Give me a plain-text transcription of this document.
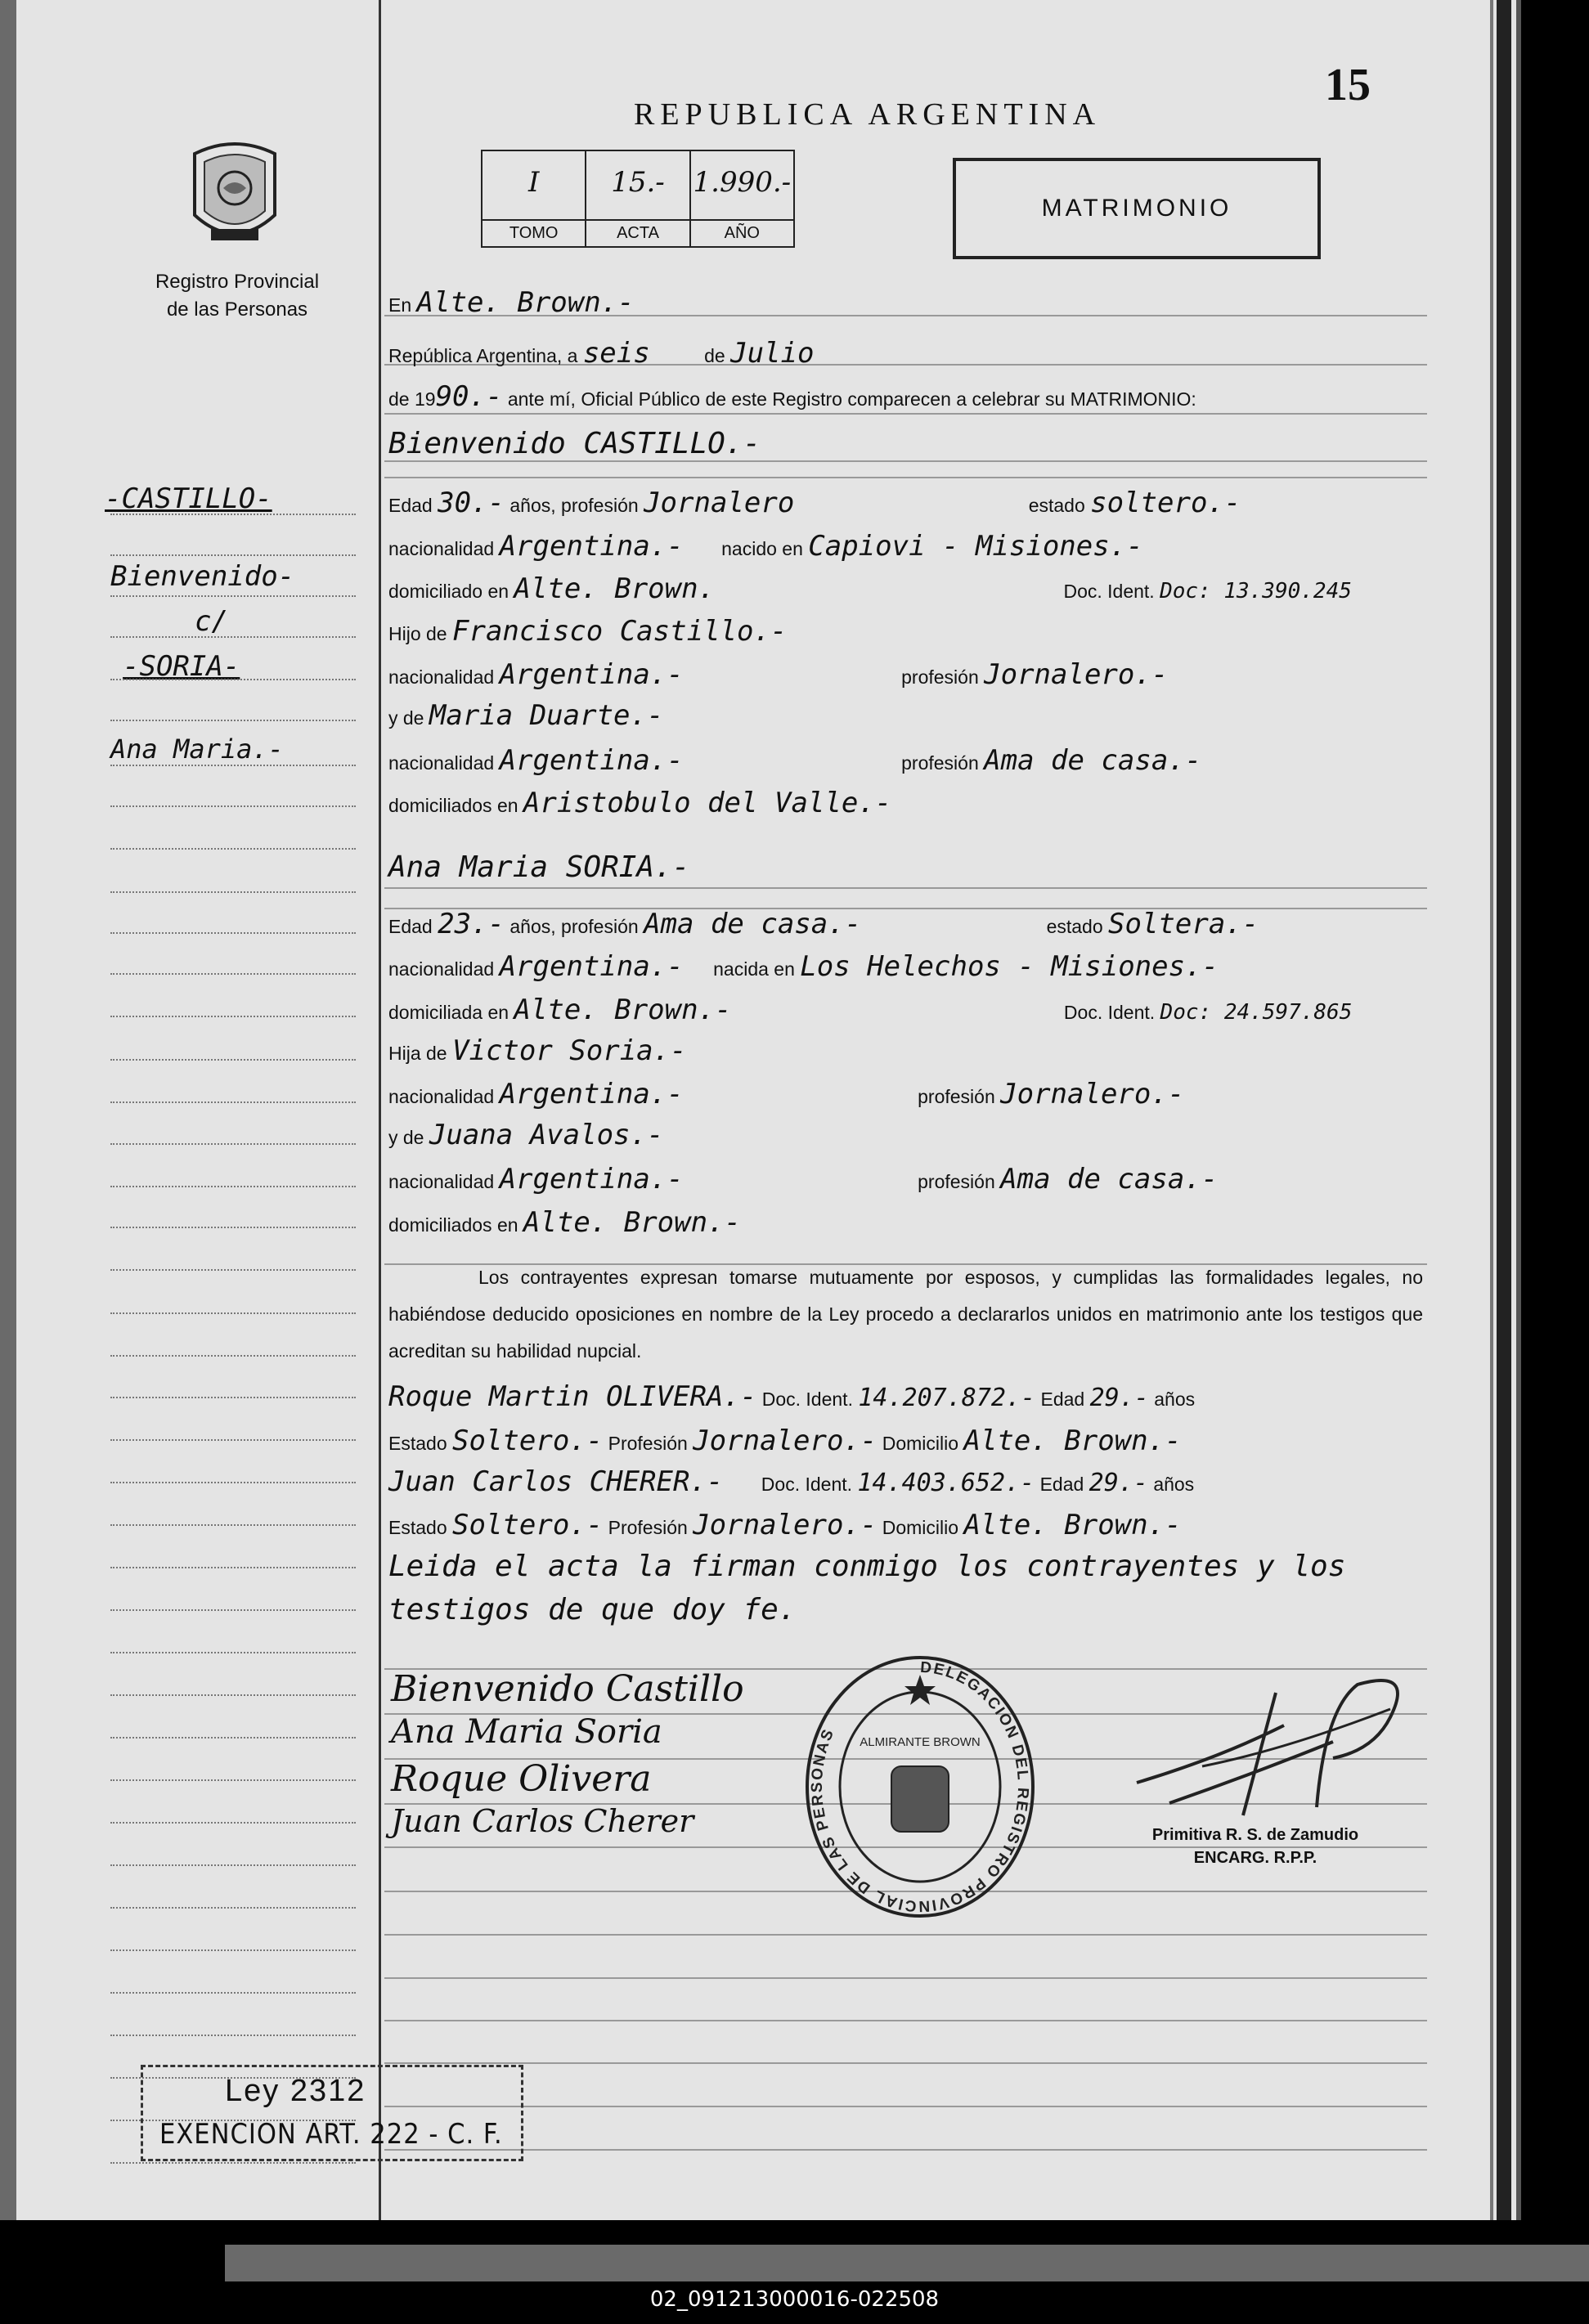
15
REPUBLICA ARGENTINA
I
TOMO
15.-
ACTA
1.990.-
AÑO
MATRIMONIO
Registro Provincial
de las Personas
-CASTILLO-
Bienvenido-
c/
-SORIA-
Ana Maria.-
En Alte. Brown.-
República Argentina, a seis	de Julio
de 1990.- ante mí, Oficial Público de este Registro comparecen a celebrar su MATRIMONIO:
Bienvenido CASTILLO.-
Edad 30.- años, profesión Jornalero	estado soltero.-
nacionalidad Argentina.- nacido en Capiovi - Misiones.-
domiciliado en Alte. Brown.	Doc. Ident. Doc: 13.390.245
Hijo de Francisco Castillo.-
nacionalidad Argentina.-	profesión Jornalero.-
y de Maria Duarte.-
nacionalidad Argentina.-	profesión Ama de casa.-
domiciliados en Aristobulo del Valle.-
Ana Maria SORIA.-
Edad 23.- años, profesión Ama de casa.-	estado Soltera.-
nacionalidad Argentina.- nacida en Los Helechos - Misiones.-
domiciliada en Alte. Brown.-	Doc. Ident. Doc: 24.597.865
Hija de Victor Soria.-
nacionalidad Argentina.-	profesión Jornalero.-
y de Juana Avalos.-
nacionalidad Argentina.-	profesión Ama de casa.-
domiciliados en Alte. Brown.-
Los contrayentes expresan tomarse mutuamente por esposos, y cumplidas las formalidades legales, no habiéndose deducido oposiciones en nombre de la Ley procedo a declararlos unidos en matrimonio ante los testigos que acreditan su habilidad nupcial.
Roque Martin OLIVERA.- Doc. Ident. 14.207.872.- Edad 29.- años
Estado Soltero.- Profesión Jornalero.- Domicilio Alte. Brown.-
Juan Carlos CHERER.- Doc. Ident. 14.403.652.- Edad 29.- años
Estado Soltero.- Profesión Jornalero.- Domicilio Alte. Brown.-
Leida el acta la firman conmigo los contrayentes y los
testigos de que doy fe.
Bienvenido Castillo
Ana Maria Soria
Roque Olivera
Juan Carlos Cherer
DELEGACION DEL REGISTRO PROVINCIAL DE LAS PERSONAS	ALMIRANTE BROWN
Primitiva R. S. de Zamudio
ENCARG. R.P.P.
Ley 2312
EXENCION ART. 222 - C. F.
02_091213000016-022508
